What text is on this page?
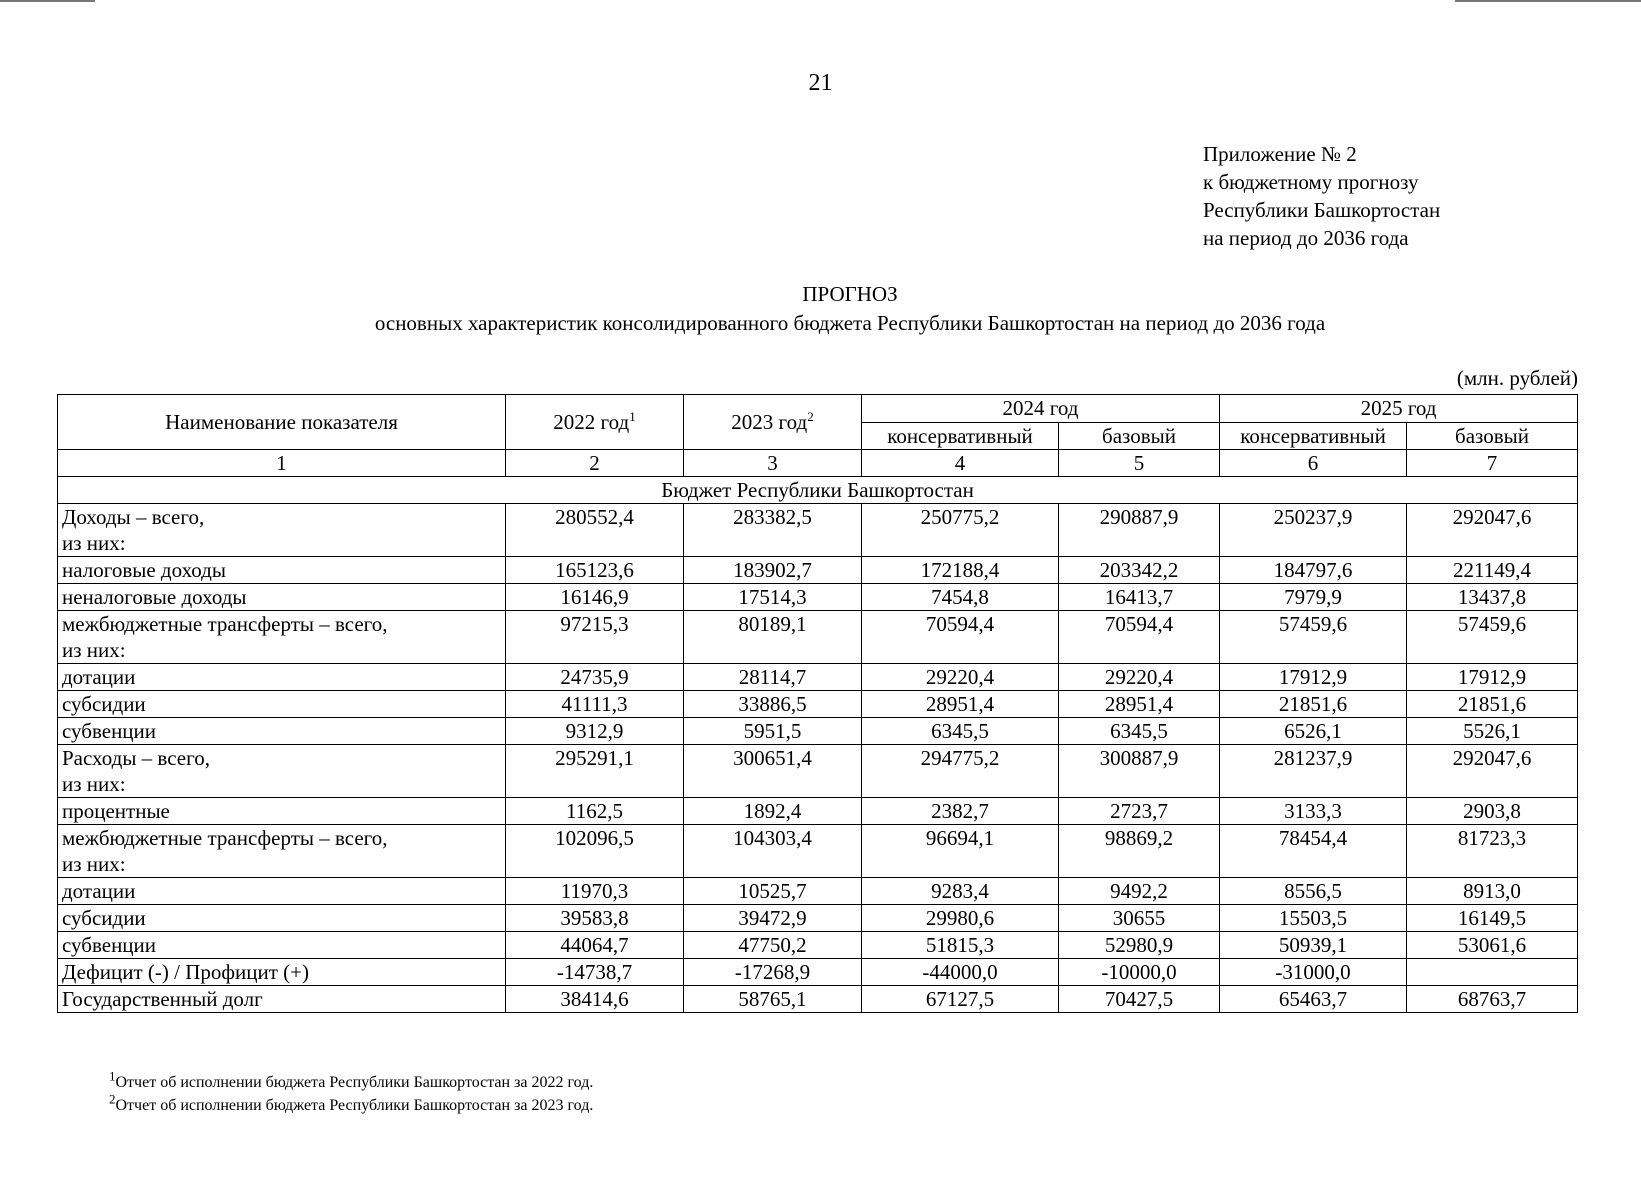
21
Приложение № 2
к бюджетному прогнозу
Республики Башкортостан
на период до 2036 года
ПРОГНОЗ
основных характеристик консолидированного бюджета Республики Башкортостан на период до 2036 года
(млн. рублей)
Наименование показателя	2022 год$^1$	2023 год$^2$	2024 год		2025 год	
			консервативный	базовый	консервативный	базовый
1	2	3	4	5	6	7
Бюджет Республики Башкортостан						

Доходы – всего,
из них:	280552,4	283382,5	250775,2	290887,9	250237,9	292047,6

налоговые доходы	165123,6	183902,7	172188,4	203342,2	184797,6	221149,4

неналоговые доходы	16146,9	17514,3	7454,8	16413,7	7979,9	13437,8

межбюджетные трансферты – всего,
из них:	97215,3	80189,1	70594,4	70594,4	57459,6	57459,6

дотации	24735,9	28114,7	29220,4	29220,4	17912,9	17912,9

субсидии	41111,3	33886,5	28951,4	28951,4	21851,6	21851,6

субвенции	9312,9	5951,5	6345,5	6345,5	6526,1	5526,1

Расходы – всего,
из них:	295291,1	300651,4	294775,2	300887,9	281237,9	292047,6

процентные	1162,5	1892,4	2382,7	2723,7	3133,3	2903,8

межбюджетные трансферты – всего,
из них:	102096,5	104303,4	96694,1	98869,2	78454,4	81723,3

дотации	11970,3	10525,7	9283,4	9492,2	8556,5	8913,0

субсидии	39583,8	39472,9	29980,6	30655	15503,5	16149,5

субвенции	44064,7	47750,2	51815,3	52980,9	50939,1	53061,6

Дефицит (-) / Профицит (+)	-14738,7	-17268,9	-44000,0	-10000,0	-31000,0	

Государственный долг	38414,6	58765,1	67127,5	70427,5	65463,7	68763,7
$^1$Отчет об исполнении бюджета Республики Башкортостан за 2022 год.
$^2$Отчет об исполнении бюджета Республики Башкортостан за 2023 год.
